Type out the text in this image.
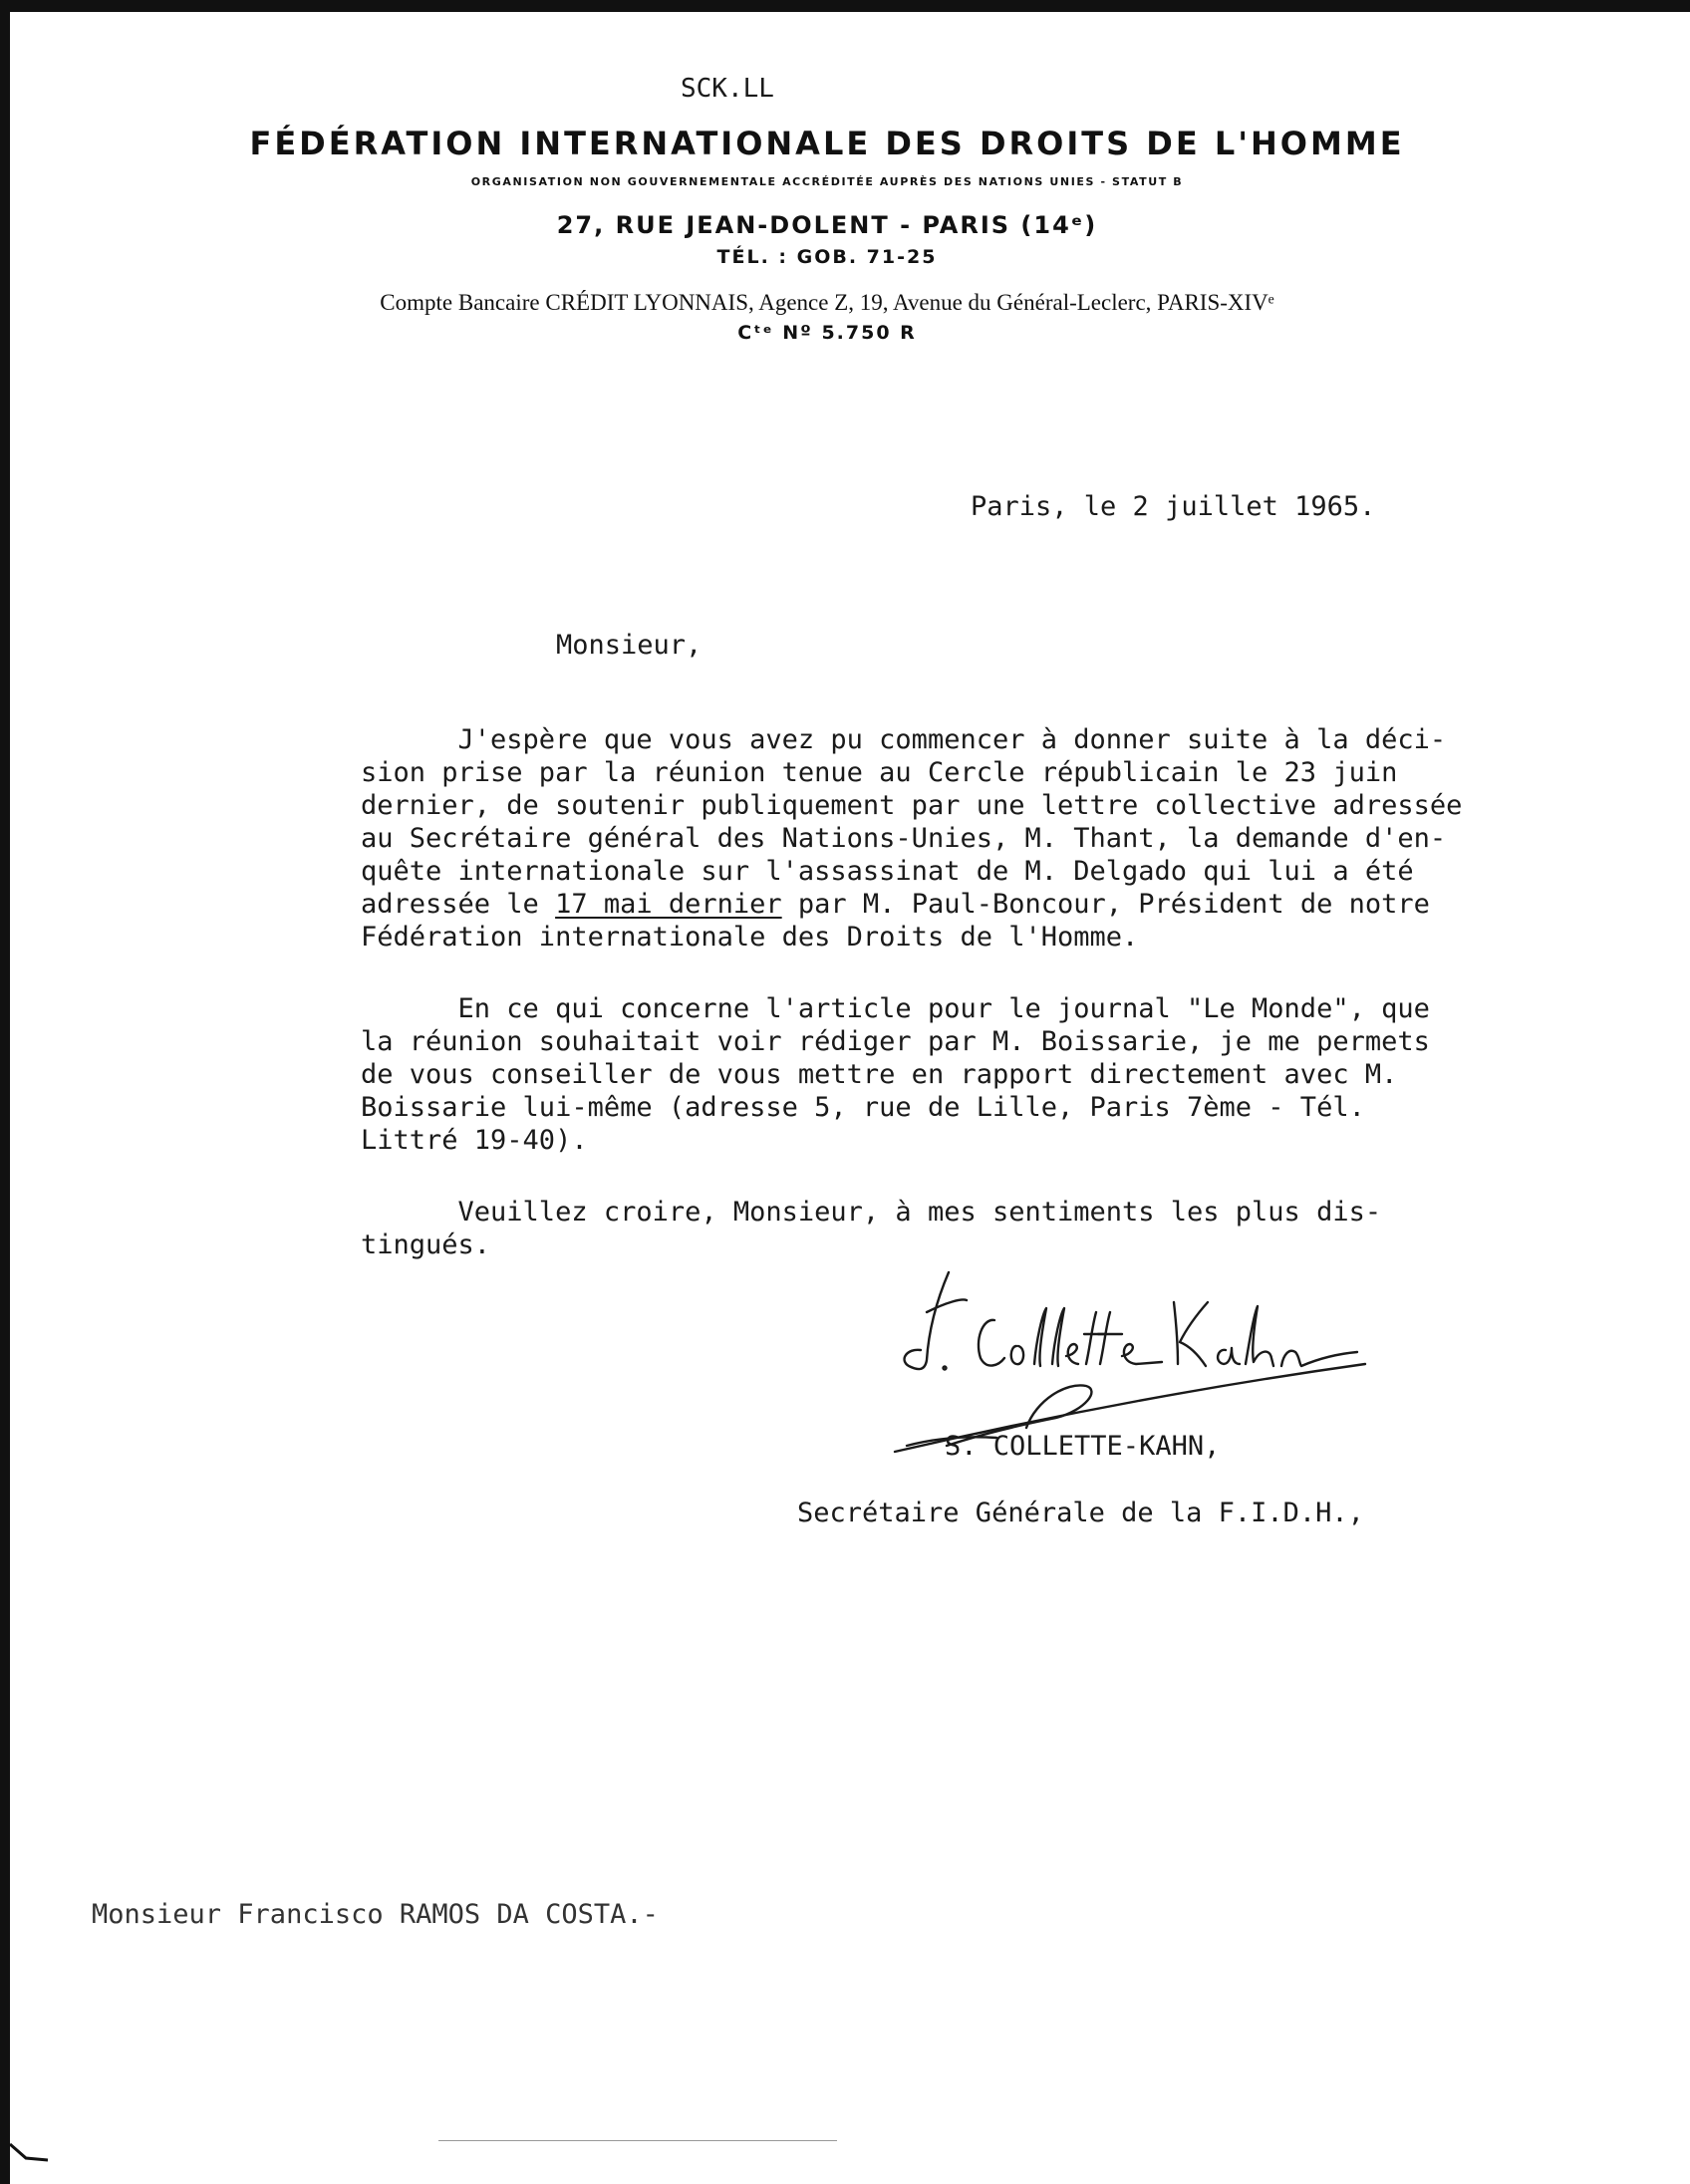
SCK.LL
FÉDÉRATION INTERNATIONALE DES DROITS DE L'HOMME
ORGANISATION NON GOUVERNEMENTALE ACCRÉDITÉE AUPRÈS DES NATIONS UNIES - STATUT B
27, RUE JEAN-DOLENT - PARIS (14ᵉ)
TÉL. : GOB. 71-25
Compte Bancaire CRÉDIT LYONNAIS, Agence Z, 19, Avenue du Général-Leclerc, PARIS-XIVᵉ
Cᵗᵉ Nº 5.750 R
Paris, le 2 juillet 1965.
Monsieur,
J'espère que vous avez pu commencer à donner suite à la déci-
sion prise par la réunion tenue au Cercle républicain le 23 juin
dernier, de soutenir publiquement par une lettre collective adressée
au Secrétaire général des Nations-Unies, M. Thant, la demande d'en-
quête internationale sur l'assassinat de M. Delgado qui lui a été
adressée le 17 mai dernier par M. Paul-Boncour, Président de notre
Fédération internationale des Droits de l'Homme.
En ce qui concerne l'article pour le journal "Le Monde", que
la réunion souhaitait voir rédiger par M. Boissarie, je me permets
de vous conseiller de vous mettre en rapport directement avec M.
Boissarie lui-même (adresse 5, rue de Lille, Paris 7ème - Tél.
Littré 19-40).
Veuillez croire, Monsieur, à mes sentiments les plus dis-
tingués.
S. COLLETTE-KAHN,
Secrétaire Générale de la F.I.D.H.,
Monsieur Francisco RAMOS DA COSTA.-
